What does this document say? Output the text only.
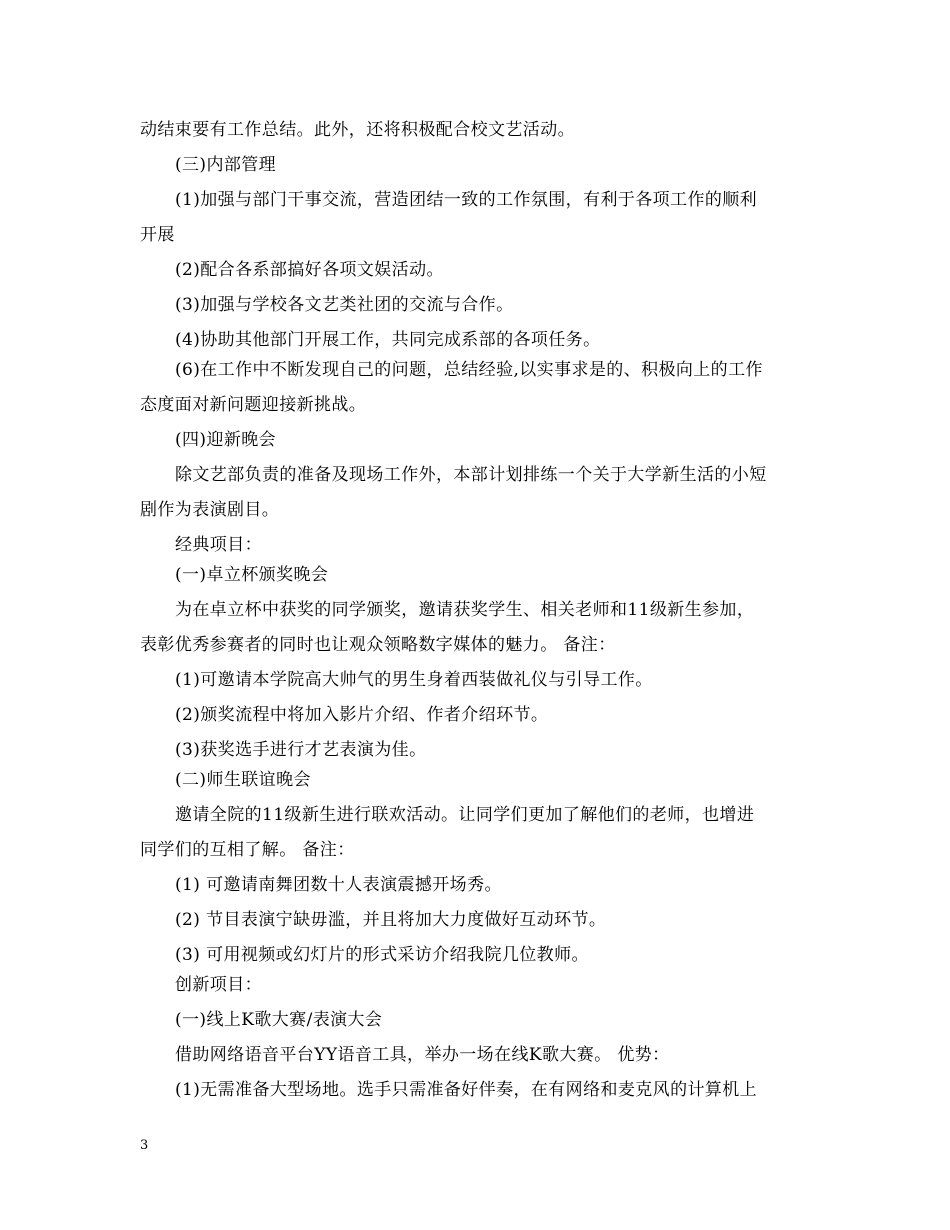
动结束要有工作总结。此外，还将积极配合校文艺活动。
(三)内部管理
(1)加强与部门干事交流，营造团结一致的工作氛围，有利于各项工作的顺利
开展
(2)配合各系部搞好各项文娱活动。
(3)加强与学校各文艺类社团的交流与合作。
(4)协助其他部门开展工作，共同完成系部的各项任务。
(6)在工作中不断发现自己的问题，总结经验,以实事求是的、积极向上的工作
态度面对新问题迎接新挑战。
(四)迎新晚会
除文艺部负责的准备及现场工作外，本部计划排练一个关于大学新生活的小短
剧作为表演剧目。
经典项目：
(一)卓立杯颁奖晚会
为在卓立杯中获奖的同学颁奖，邀请获奖学生、相关老师和11级新生参加，
表彰优秀参赛者的同时也让观众领略数字媒体的魅力。 备注：
(1)可邀请本学院高大帅气的男生身着西装做礼仪与引导工作。
(2)颁奖流程中将加入影片介绍、作者介绍环节。
(3)获奖选手进行才艺表演为佳。
(二)师生联谊晚会
邀请全院的11级新生进行联欢活动。让同学们更加了解他们的老师，也增进
同学们的互相了解。 备注：
(1) 可邀请南舞团数十人表演震撼开场秀。
(2) 节目表演宁缺毋滥，并且将加大力度做好互动环节。
(3) 可用视频或幻灯片的形式采访介绍我院几位教师。
创新项目：
(一)线上K歌大赛/表演大会
借助网络语音平台YY语音工具，举办一场在线K歌大赛。 优势：
(1)无需准备大型场地。选手只需准备好伴奏，在有网络和麦克风的计算机上
3
